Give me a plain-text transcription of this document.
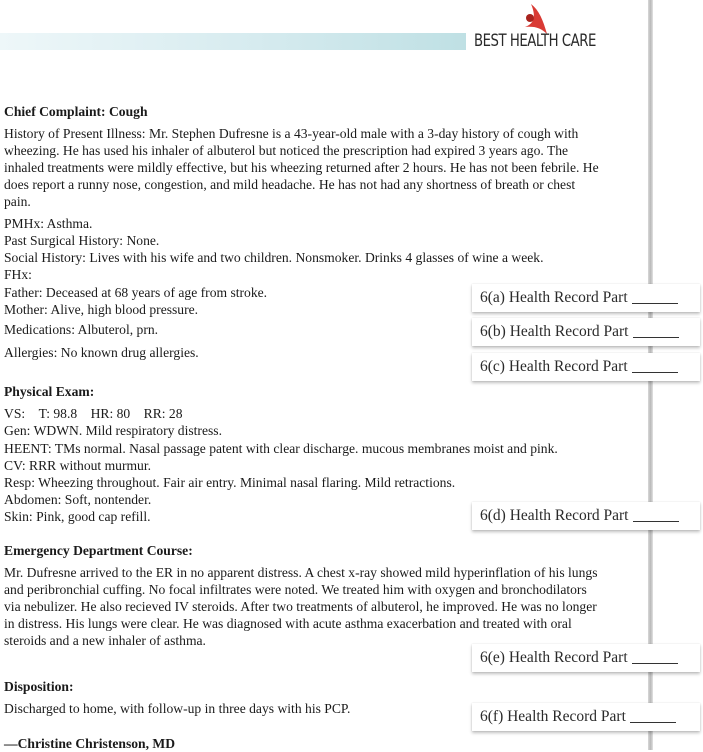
BEST HEALTH CARE
Chief Complaint: Cough
History of Present Illness: Mr. Stephen Dufresne is a 43-year-old male with a 3-day history of cough with wheezing. He has used his inhaler of albuterol but noticed the prescription had expired 3 years ago. The inhaled treatments were mildly effective, but his wheezing returned after 2 hours. He has not been febrile. He does report a runny nose, congestion, and mild headache. He has not had any shortness of breath or chest pain.
PMHx: Asthma.
Past Surgical History: None.
Social History: Lives with his wife and two children. Nonsmoker. Drinks 4 glasses of wine a week.
FHx:
Father: Deceased at 68 years of age from stroke.
Mother: Alive, high blood pressure.
Medications: Albuterol, prn.
Allergies: No known drug allergies.
Physical Exam:
VS: T: 98.8 HR: 80 RR: 28
Gen: WDWN. Mild respiratory distress.
HEENT: TMs normal. Nasal passage patent with clear discharge. mucous membranes moist and pink.
CV: RRR without murmur.
Resp: Wheezing throughout. Fair air entry. Minimal nasal flaring. Mild retractions.
Abdomen: Soft, nontender.
Skin: Pink, good cap refill.
Emergency Department Course:
Mr. Dufresne arrived to the ER in no apparent distress. A chest x-ray showed mild hyperinflation of his lungs and peribronchial cuffing. No focal infiltrates were noted. We treated him with oxygen and bronchodilators via nebulizer. He also recieved IV steroids. After two treatments of albuterol, he improved. He was no longer in distress. His lungs were clear. He was diagnosed with acute asthma exacerbation and treated with oral steroids and a new inhaler of asthma.
Disposition:
Discharged to home, with follow-up in three days with his PCP.
—Christine Christenson, MD
6(a) Health Record Part
6(b) Health Record Part
6(c) Health Record Part
6(d) Health Record Part
6(e) Health Record Part
6(f) Health Record Part
